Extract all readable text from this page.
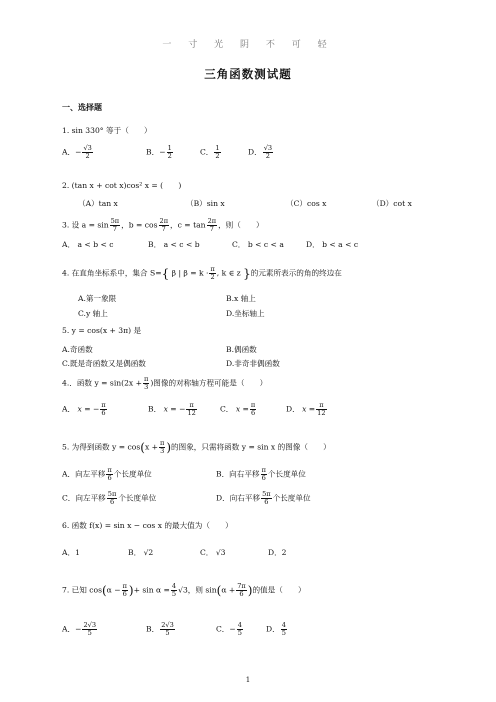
一 寸 光 阴 不 可 轻
三角函数测试题
一、选择题
1. sin 330° 等于（　　）
A．− $\frac{√3}{2}$	B．− $\frac{1}{2}$	C． $\frac{1}{2}$	D． $\frac{√3}{2}$
2. (tan x + cot x)cos² x = (　　)
（A）tan x	（B）sin x	（C）cos x	（D）cot x
3. 设 $a = \sin \frac{5\pi}{7}$ ，$b = \cos \frac{2\pi}{7}$ ，$c = \tan \frac{2\pi}{7}$ ，则（　　）
A． a < b < c	B． a < c < b	C． b < c < a	D． b < a < c
4. 在直角坐标系中，集合 S={ β | $\beta = k \cdot \frac{\pi}{2}$ , k ∈ z }的元素所表示的角的终边在
A.第一象限	B.x 轴上
C.y 轴上	D.坐标轴上
5. y = cos(x + 3π) 是
A.奇函数	B.偶函数
C.既是奇函数又是偶函数	D.非奇非偶函数
4.．函数 $y = \sin(2x + \frac{\pi}{3}$ )图像的对称轴方程可能是（　　）
A． x = − $\frac{\pi}{6}$	B． x = − $\frac{\pi}{12}$	C． $x = \frac{\pi}{6}$	D． $x = \frac{\pi}{12}$
5. 为得到函数 $y = \cos(x + \frac{\pi}{3}$ )的图象，只需将函数 y = sin x 的图像（　　）
A．向左平移 $\frac{\pi}{6}$ 个长度单位	B．向右平移 $\frac{\pi}{6}$ 个长度单位
C．向左平移 $\frac{5\pi}{6}$ 个长度单位	D．向右平移 $\frac{5\pi}{6}$ 个长度单位
6. 函数 f(x) = sin x − cos x 的最大值为（　　）
A．1	B． √2	C． √3	D．2
7. 已知 $\cos(\alpha - \frac{\pi}{6}$ )+ $\sin \alpha = \frac{4}{5} √3$，则 $\sin(\alpha + \frac{7\pi}{6}$ )的值是（　　）
A．− $\frac{2√3}{5}$	B． $\frac{2√3}{5}$	C．− $\frac{4}{5}$	D． $\frac{4}{5}$
1
